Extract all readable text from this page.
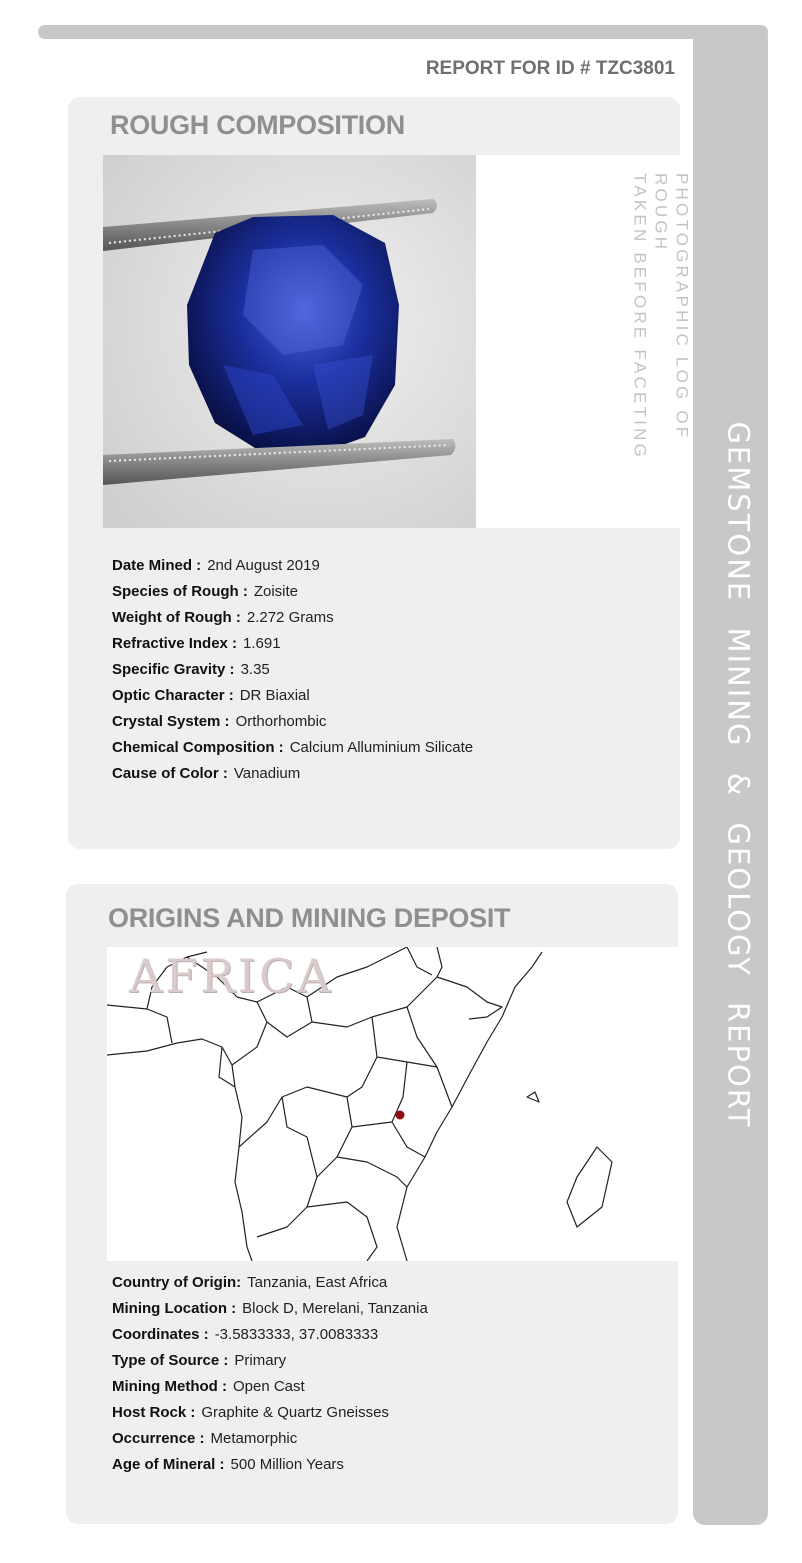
GEMSTONE MINING & GEOLOGY REPORT
REPORT FOR ID # TZC3801
ROUGH COMPOSITION
PHOTOGRAPHIC LOG OF ROUGH
TAKEN BEFORE FACETING
Date Mined : 2nd August 2019
Species of Rough : Zoisite
Weight of Rough : 2.272 Grams
Refractive Index : 1.691
Specific Gravity : 3.35
Optic Character : DR Biaxial
Crystal System : Orthorhombic
Chemical Composition : Calcium Alluminium Silicate
Cause of Color : Vanadium
ORIGINS AND MINING DEPOSIT
AFRICA
Country of Origin: Tanzania, East Africa
Mining Location : Block D, Merelani, Tanzania
Coordinates : -3.5833333, 37.0083333
Type of Source : Primary
Mining Method : Open Cast
Host Rock : Graphite & Quartz Gneisses
Occurrence : Metamorphic
Age of Mineral : 500 Million Years
